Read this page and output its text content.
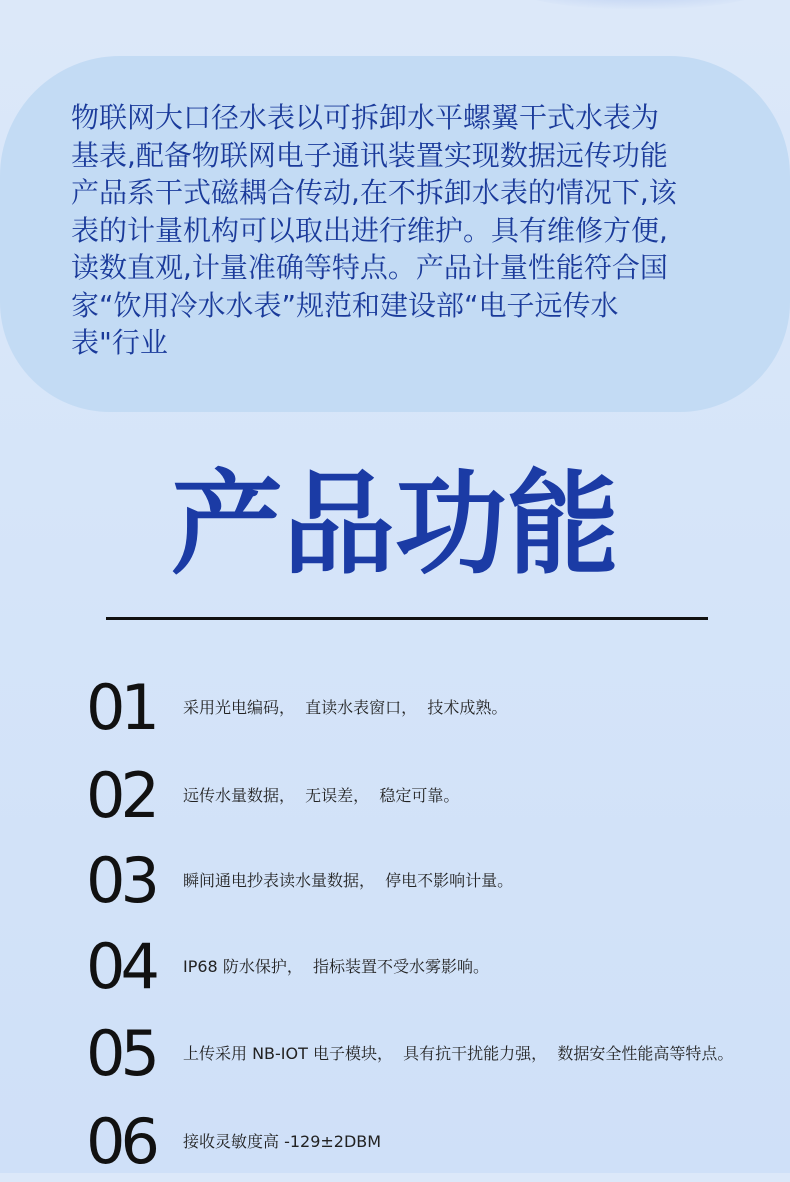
物联网大口径水表以可拆卸水平螺翼干式水表为
基表,配备物联网电子通讯装置实现数据远传功能
产品系干式磁耦合传动,在不拆卸水表的情况下,该
表的计量机构可以取出进行维护。具有维修方便,
读数直观,计量准确等特点。产品计量性能符合国
家“饮用冷水水表”规范和建设部“电子远传水
表"行业
产品功能
01	采用光电编码，  直读水表窗口，  技术成熟。
02	远传水量数据，  无误差，  稳定可靠。
03	瞬间通电抄表读水量数据，  停电不影响计量。
04	IP68 防水保护，  指标装置不受水雾影响。
05	上传采用 NB-IOT 电子模块，  具有抗干扰能力强，  数据安全性能高等特点。
06	接收灵敏度高 -129±2DBM
